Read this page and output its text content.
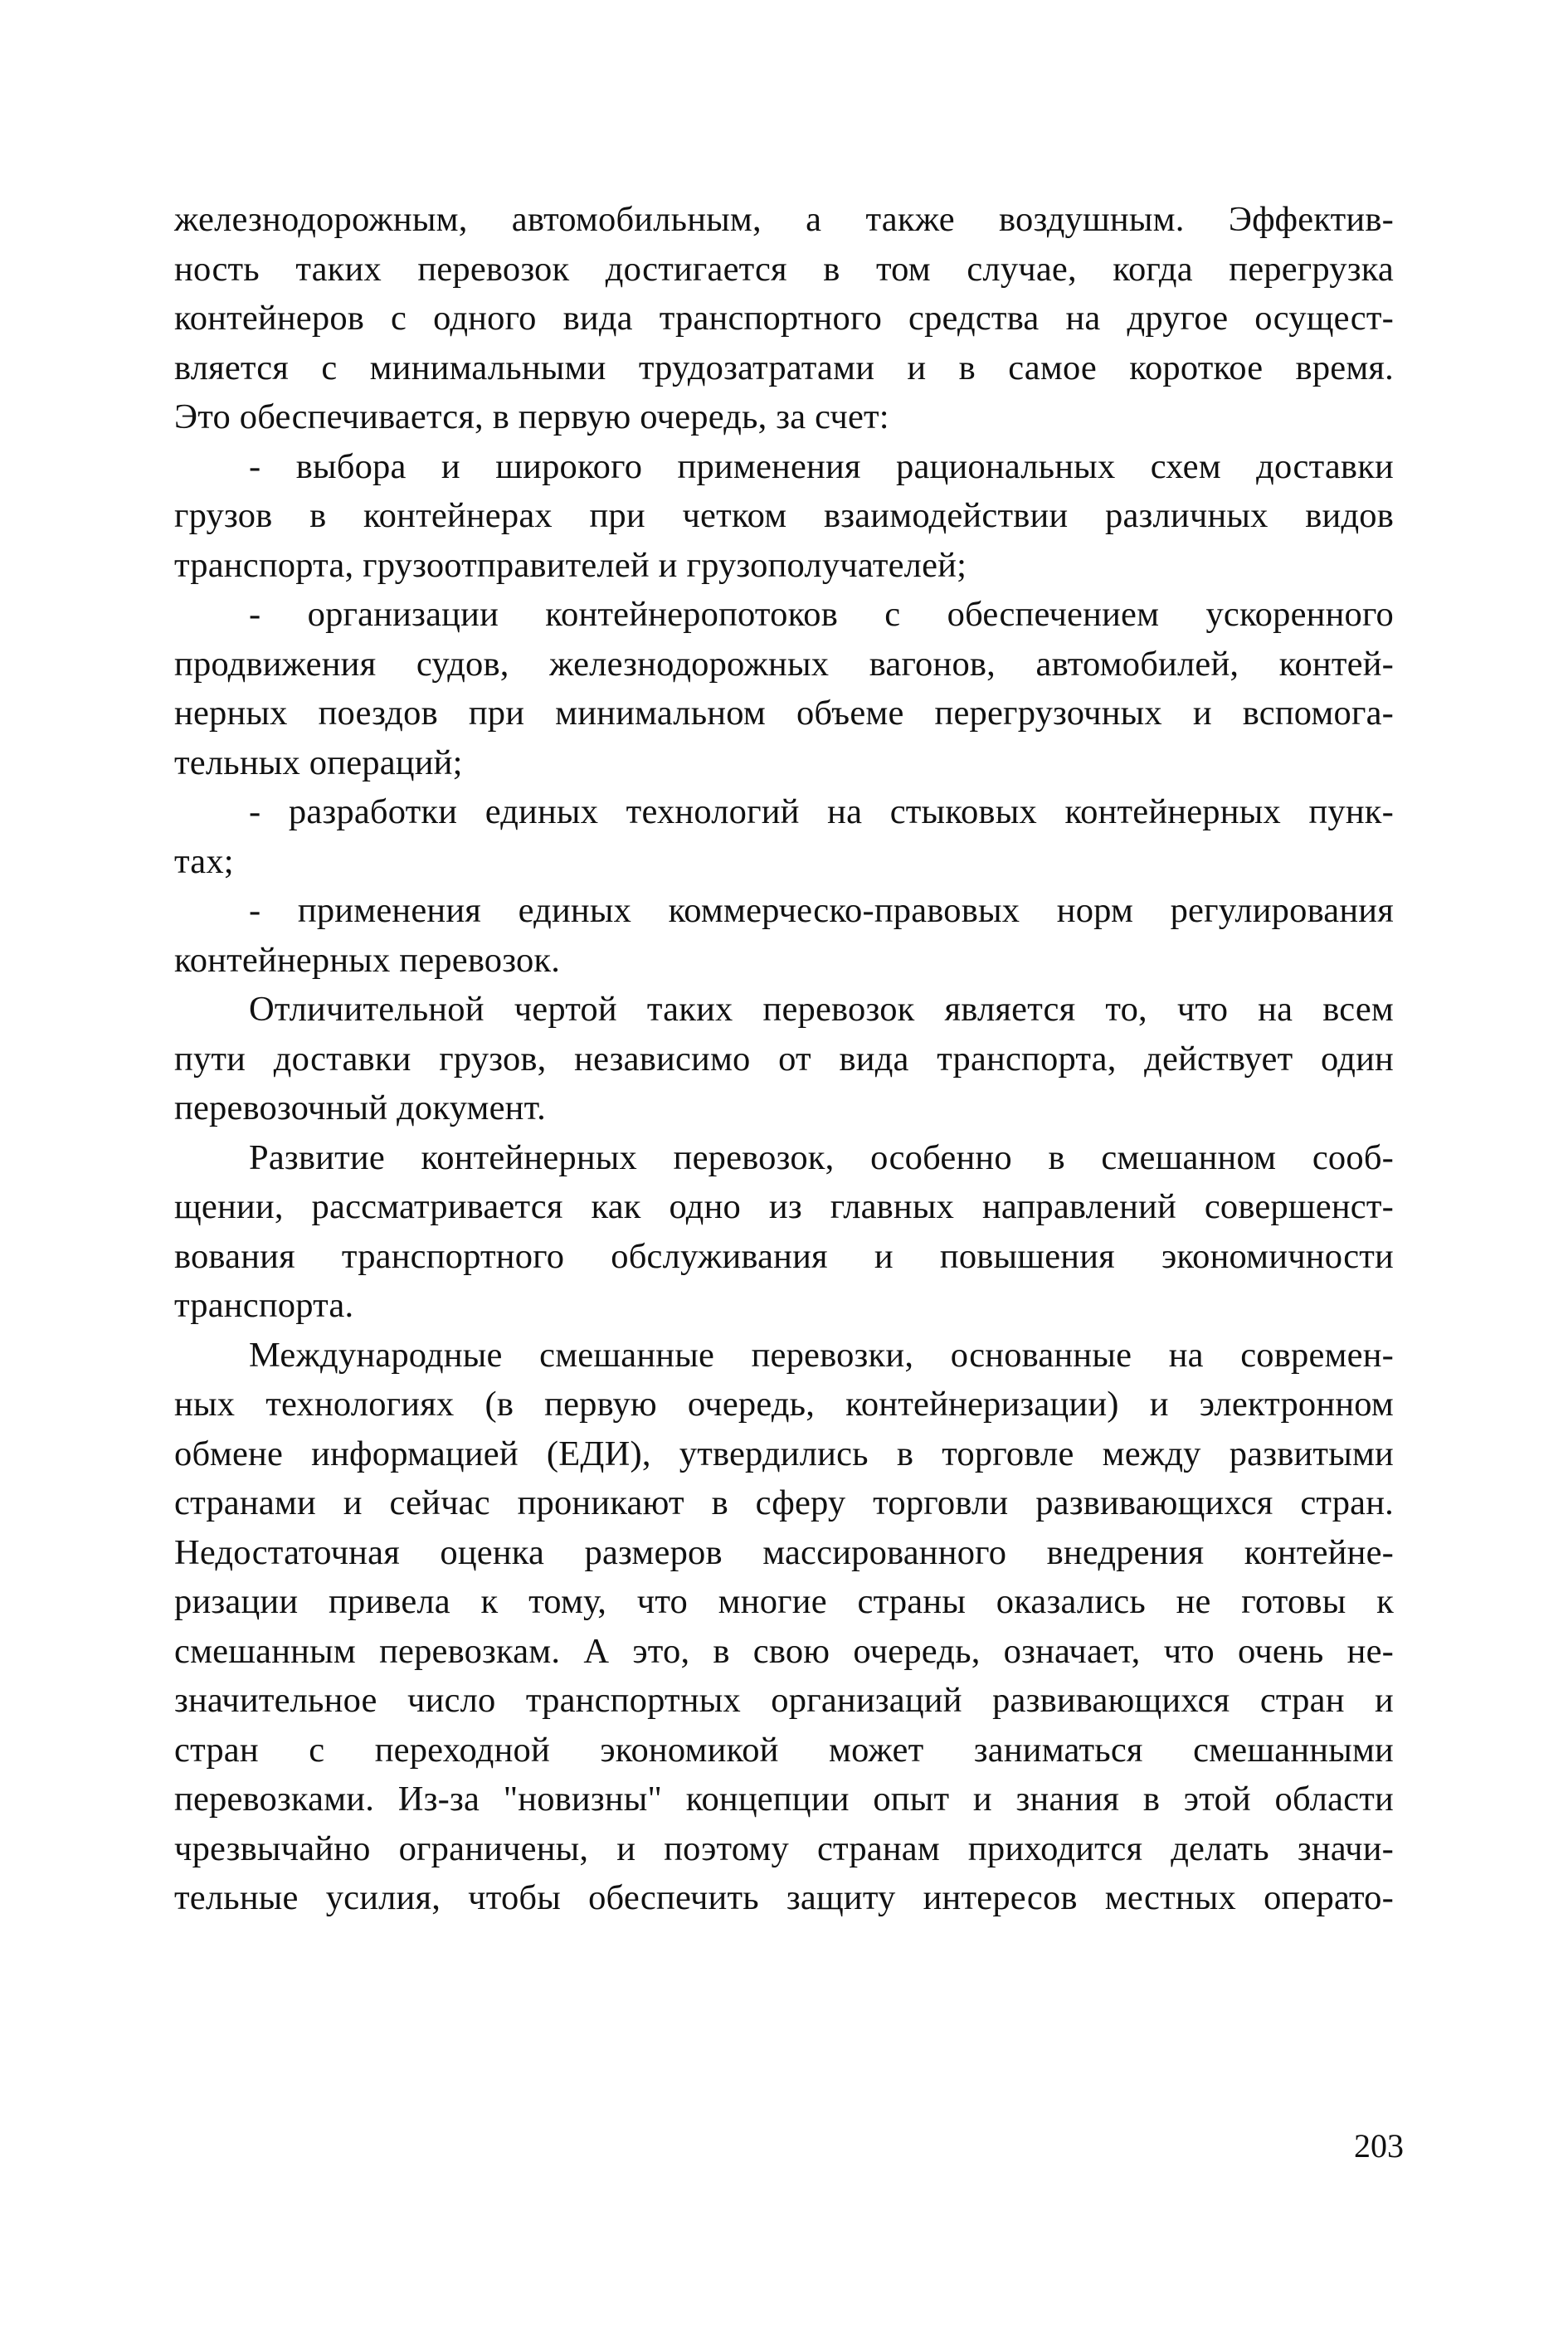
железнодорожным, автомобильным, а также воздушным. Эффектив-
ность таких перевозок достигается в том случае, когда перегрузка
контейнеров с одного вида транспортного средства на другое осущест-
вляется с минимальными трудозатратами и в самое короткое время.
Это обеспечивается, в первую очередь, за счет:
- выбора и широкого применения рациональных схем доставки
грузов в контейнерах при четком взаимодействии различных видов
транспорта, грузоотправителей и грузополучателей;
- организации контейнеропотоков с обеспечением ускоренного
продвижения судов, железнодорожных вагонов, автомобилей, контей-
нерных поездов при минимальном объеме перегрузочных и вспомога-
тельных операций;
- разработки единых технологий на стыковых контейнерных пунк-
тах;
- применения единых коммерческо-правовых норм регулирования
контейнерных перевозок.
Отличительной чертой таких перевозок является то, что на всем
пути доставки грузов, независимо от вида транспорта, действует один
перевозочный документ.
Развитие контейнерных перевозок, особенно в смешанном сооб-
щении, рассматривается как одно из главных направлений совершенст-
вования транспортного обслуживания и повышения экономичности
транспорта.
Международные смешанные перевозки, основанные на современ-
ных технологиях (в первую очередь, контейнеризации) и электронном
обмене информацией (ЕДИ), утвердились в торговле между развитыми
странами и сейчас проникают в сферу торговли развивающихся стран.
Недостаточная оценка размеров массированного внедрения контейне-
ризации привела к тому, что многие страны оказались не готовы к
смешанным перевозкам. А это, в свою очередь, означает, что очень не-
значительное число транспортных организаций развивающихся стран и
стран с переходной экономикой может заниматься смешанными
перевозками. Из-за "новизны" концепции опыт и знания в этой области
чрезвычайно ограничены, и поэтому странам приходится делать значи-
тельные усилия, чтобы обеспечить защиту интересов местных операто-
203
